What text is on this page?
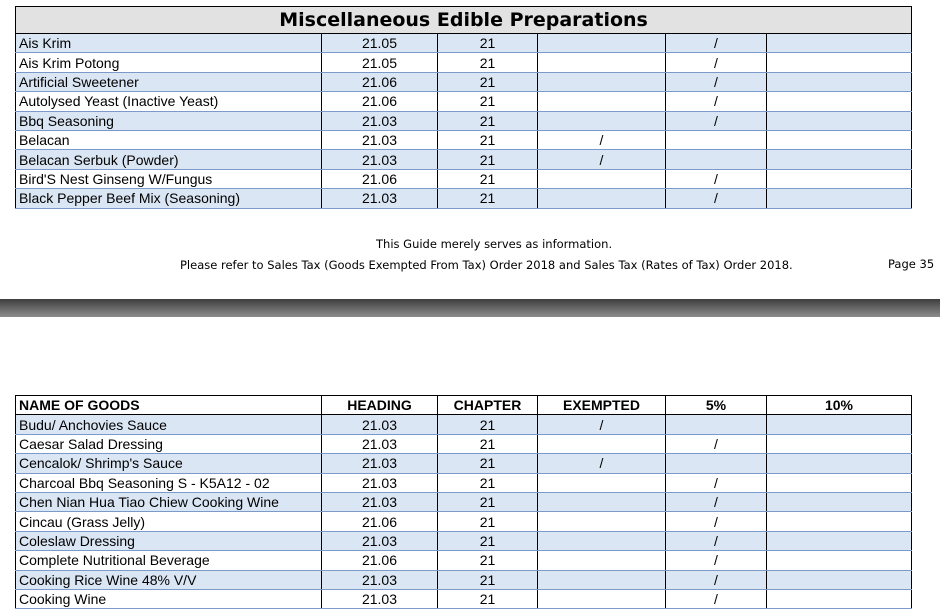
Miscellaneous Edible Preparations					
Ais Krim	21.05	21		/	
Ais Krim Potong	21.05	21		/	
Artificial Sweetener	21.06	21		/	
Autolysed Yeast (Inactive Yeast)	21.06	21		/	
Bbq Seasoning	21.03	21		/	
Belacan	21.03	21	/		
Belacan Serbuk (Powder)	21.03	21	/		
Bird'S Nest Ginseng W/Fungus	21.06	21		/	
Black Pepper Beef Mix (Seasoning)	21.03	21		/	
This Guide merely serves as information.
Please refer to Sales Tax (Goods Exempted From Tax) Order 2018 and Sales Tax (Rates of Tax) Order 2018.	Page 35
NAME OF GOODS	HEADING	CHAPTER	EXEMPTED	5%	10%
Budu/ Anchovies Sauce	21.03	21	/		
Caesar Salad Dressing	21.03	21		/	
Cencalok/ Shrimp's Sauce	21.03	21	/		
Charcoal Bbq Seasoning S - K5A12 - 02	21.03	21		/	
Chen Nian Hua Tiao Chiew Cooking Wine	21.03	21		/	
Cincau (Grass Jelly)	21.06	21		/	
Coleslaw Dressing	21.03	21		/	
Complete Nutritional Beverage	21.06	21		/	
Cooking Rice Wine 48% V/V	21.03	21		/	
Cooking Wine	21.03	21		/	
